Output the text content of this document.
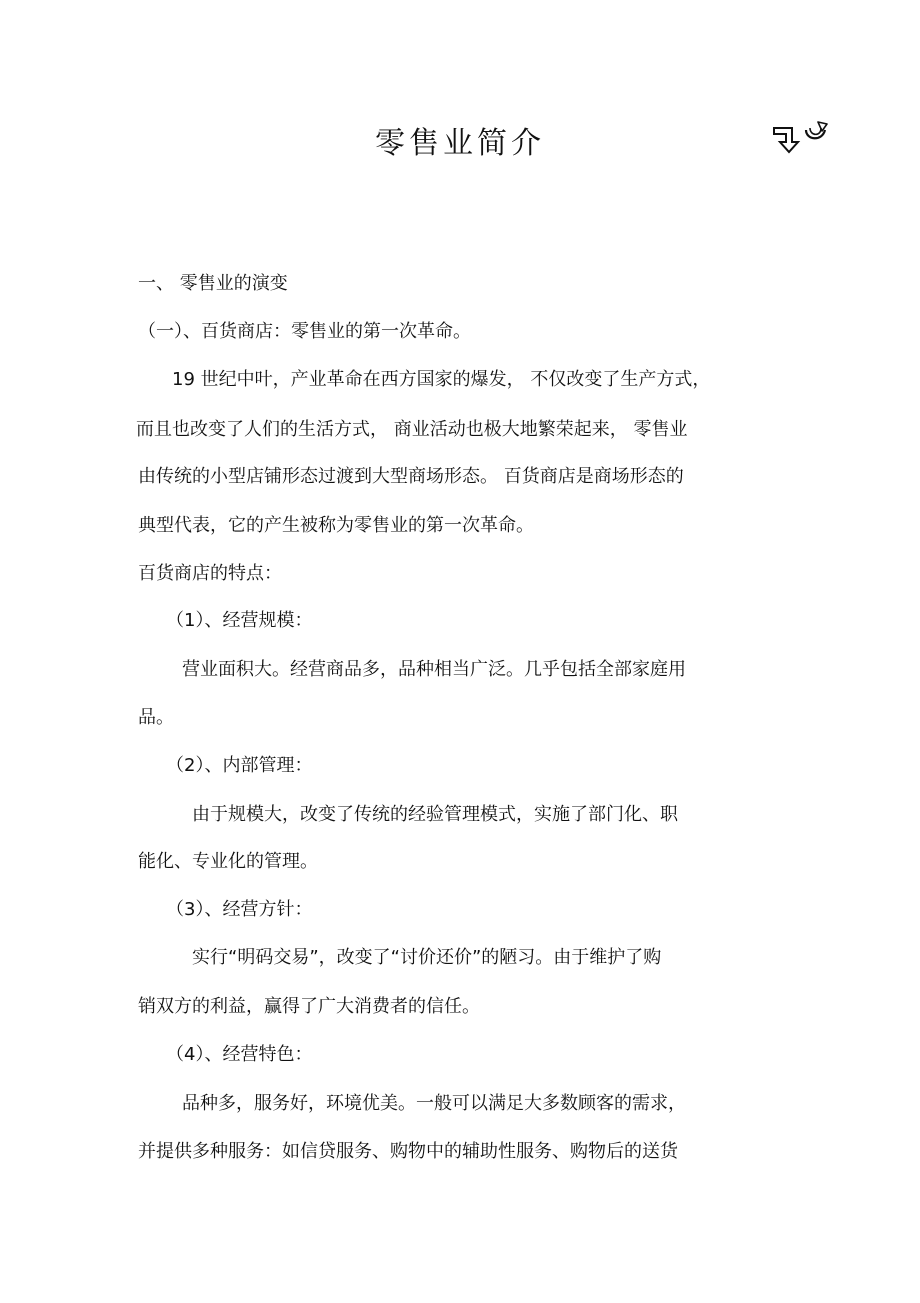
零售业简介
一、 零售业的演变
（一）、百货商店：零售业的第一次革命。
19 世纪中叶，产业革命在西方国家的爆发， 不仅改变了生产方式，
而且也改变了人们的生活方式， 商业活动也极大地繁荣起来， 零售业
由传统的小型店铺形态过渡到大型商场形态。 百货商店是商场形态的
典型代表，它的产生被称为零售业的第一次革命。
百货商店的特点：
（1）、经营规模：
营业面积大。经营商品多，品种相当广泛。几乎包括全部家庭用
品。
（2）、内部管理：
由于规模大，改变了传统的经验管理模式，实施了部门化、职
能化、专业化的管理。
（3）、经营方针：
实行“明码交易”，改变了“讨价还价”的陋习。由于维护了购
销双方的利益，赢得了广大消费者的信任。
（4）、经营特色：
品种多，服务好，环境优美。一般可以满足大多数顾客的需求，
并提供多种服务：如信贷服务、购物中的辅助性服务、购物后的送货
